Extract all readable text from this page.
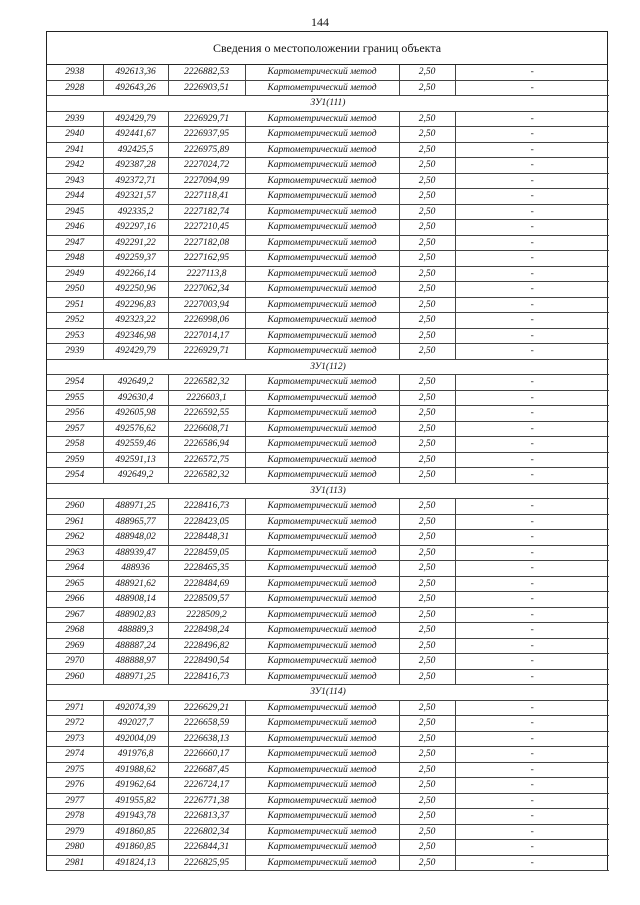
144
Сведения о местоположении границ объекта
2938	492613,36	2226882,53	Картометрический метод	2,50	-
2928	492643,26	2226903,51	Картометрический метод	2,50	-
ЗУ1(111)					
2939	492429,79	2226929,71	Картометрический метод	2,50	-
2940	492441,67	2226937,95	Картометрический метод	2,50	-
2941	492425,5	2226975,89	Картометрический метод	2,50	-
2942	492387,28	2227024,72	Картометрический метод	2,50	-
2943	492372,71	2227094,99	Картометрический метод	2,50	-
2944	492321,57	2227118,41	Картометрический метод	2,50	-
2945	492335,2	2227182,74	Картометрический метод	2,50	-
2946	492297,16	2227210,45	Картометрический метод	2,50	-
2947	492291,22	2227182,08	Картометрический метод	2,50	-
2948	492259,37	2227162,95	Картометрический метод	2,50	-
2949	492266,14	2227113,8	Картометрический метод	2,50	-
2950	492250,96	2227062,34	Картометрический метод	2,50	-
2951	492296,83	2227003,94	Картометрический метод	2,50	-
2952	492323,22	2226998,06	Картометрический метод	2,50	-
2953	492346,98	2227014,17	Картометрический метод	2,50	-
2939	492429,79	2226929,71	Картометрический метод	2,50	-
ЗУ1(112)					
2954	492649,2	2226582,32	Картометрический метод	2,50	-
2955	492630,4	2226603,1	Картометрический метод	2,50	-
2956	492605,98	2226592,55	Картометрический метод	2,50	-
2957	492576,62	2226608,71	Картометрический метод	2,50	-
2958	492559,46	2226586,94	Картометрический метод	2,50	-
2959	492591,13	2226572,75	Картометрический метод	2,50	-
2954	492649,2	2226582,32	Картометрический метод	2,50	-
ЗУ1(113)					
2960	488971,25	2228416,73	Картометрический метод	2,50	-
2961	488965,77	2228423,05	Картометрический метод	2,50	-
2962	488948,02	2228448,31	Картометрический метод	2,50	-
2963	488939,47	2228459,05	Картометрический метод	2,50	-
2964	488936	2228465,35	Картометрический метод	2,50	-
2965	488921,62	2228484,69	Картометрический метод	2,50	-
2966	488908,14	2228509,57	Картометрический метод	2,50	-
2967	488902,83	2228509,2	Картометрический метод	2,50	-
2968	488889,3	2228498,24	Картометрический метод	2,50	-
2969	488887,24	2228496,82	Картометрический метод	2,50	-
2970	488888,97	2228490,54	Картометрический метод	2,50	-
2960	488971,25	2228416,73	Картометрический метод	2,50	-
ЗУ1(114)					
2971	492074,39	2226629,21	Картометрический метод	2,50	-
2972	492027,7	2226658,59	Картометрический метод	2,50	-
2973	492004,09	2226638,13	Картометрический метод	2,50	-
2974	491976,8	2226660,17	Картометрический метод	2,50	-
2975	491988,62	2226687,45	Картометрический метод	2,50	-
2976	491962,64	2226724,17	Картометрический метод	2,50	-
2977	491955,82	2226771,38	Картометрический метод	2,50	-
2978	491943,78	2226813,37	Картометрический метод	2,50	-
2979	491860,85	2226802,34	Картометрический метод	2,50	-
2980	491860,85	2226844,31	Картометрический метод	2,50	-
2981	491824,13	2226825,95	Картометрический метод	2,50	-
